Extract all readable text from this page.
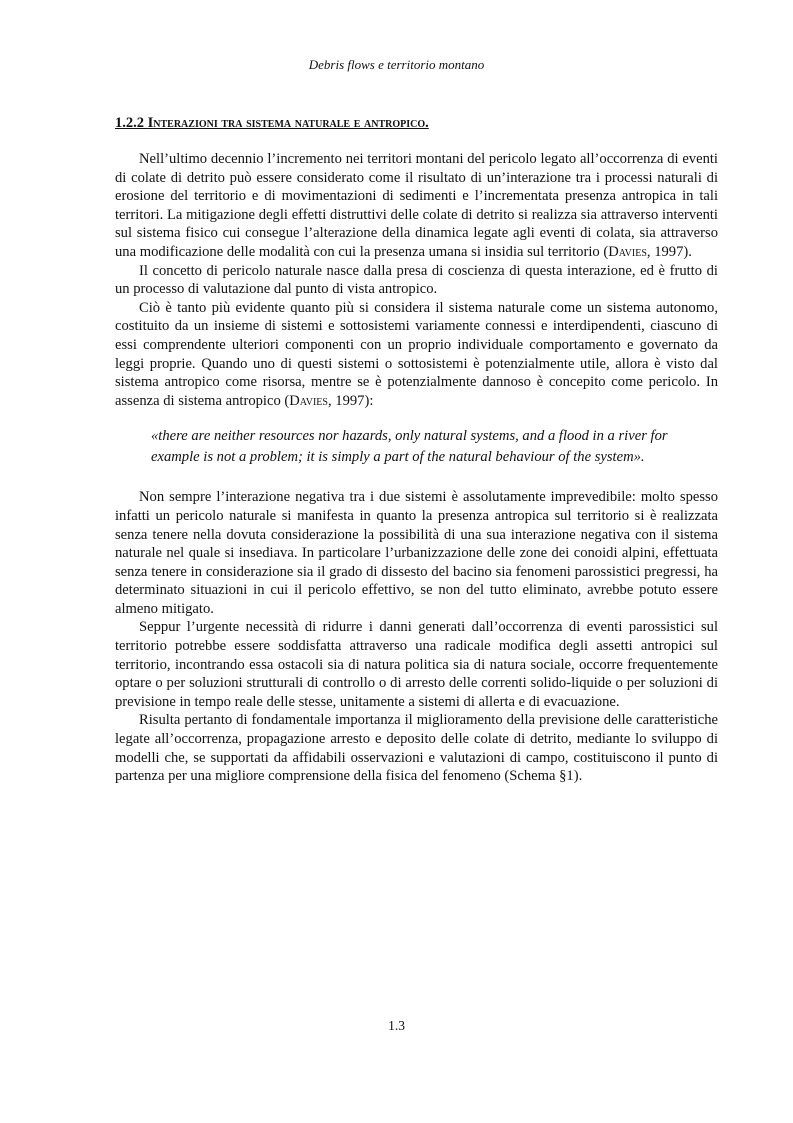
Debris flows e territorio montano
1.2.2 Interazioni tra sistema naturale e antropico.

Nell’ultimo decennio l’incremento nei territori montani del pericolo legato all’occorrenza di eventi di colate di detrito può essere considerato come il risultato di un’interazione tra i processi naturali di erosione del territorio e di movimentazioni di sedimenti e l’incrementata presenza antropica in tali territori. La mitigazione degli effetti distruttivi delle colate di detrito si realizza sia attraverso interventi sul sistema fisico cui consegue l’alterazione della dinamica legate agli eventi di colata, sia attraverso una modificazione delle modalità con cui la presenza umana si insidia sul territorio (Davies, 1997).

Il concetto di pericolo naturale nasce dalla presa di coscienza di questa interazione, ed è frutto di un processo di valutazione dal punto di vista antropico.

Ciò è tanto più evidente quanto più si considera il sistema naturale come un sistema autonomo, costituito da un insieme di sistemi e sottosistemi variamente connessi e interdipendenti, ciascuno di essi comprendente ulteriori componenti con un proprio individuale comportamento e governato da leggi proprie. Quando uno di questi sistemi o sottosistemi è potenzialmente utile, allora è visto dal sistema antropico come risorsa, mentre se è potenzialmente dannoso è concepito come pericolo. In assenza di sistema antropico (Davies, 1997):

«there are neither resources nor hazards, only natural systems, and a flood in a river for example is not a problem; it is simply a part of the natural behaviour of the system».

Non sempre l’interazione negativa tra i due sistemi è assolutamente imprevedibile: molto spesso infatti un pericolo naturale si manifesta in quanto la presenza antropica sul territorio si è realizzata senza tenere nella dovuta considerazione la possibilità di una sua interazione negativa con il sistema naturale nel quale si insediava. In particolare l’urbanizzazione delle zone dei conoidi alpini, effettuata senza tenere in considerazione sia il grado di dissesto del bacino sia fenomeni parossistici pregressi, ha determinato situazioni in cui il pericolo effettivo, se non del tutto eliminato, avrebbe potuto essere almeno mitigato.

Seppur l’urgente necessità di ridurre i danni generati dall’occorrenza di eventi parossistici sul territorio potrebbe essere soddisfatta attraverso una radicale modifica degli assetti antropici sul territorio, incontrando essa ostacoli sia di natura politica sia di natura sociale, occorre frequentemente optare o per soluzioni strutturali di controllo o di arresto delle correnti solido-liquide o per soluzioni di previsione in tempo reale delle stesse, unitamente a sistemi di allerta e di evacuazione.

Risulta pertanto di fondamentale importanza il miglioramento della previsione delle caratteristiche legate all’occorrenza, propagazione arresto e deposito delle colate di detrito, mediante lo sviluppo di modelli che, se supportati da affidabili osservazioni e valutazioni di campo, costituiscono il punto di partenza per una migliore comprensione della fisica del fenomeno (Schema §1).

1.3
